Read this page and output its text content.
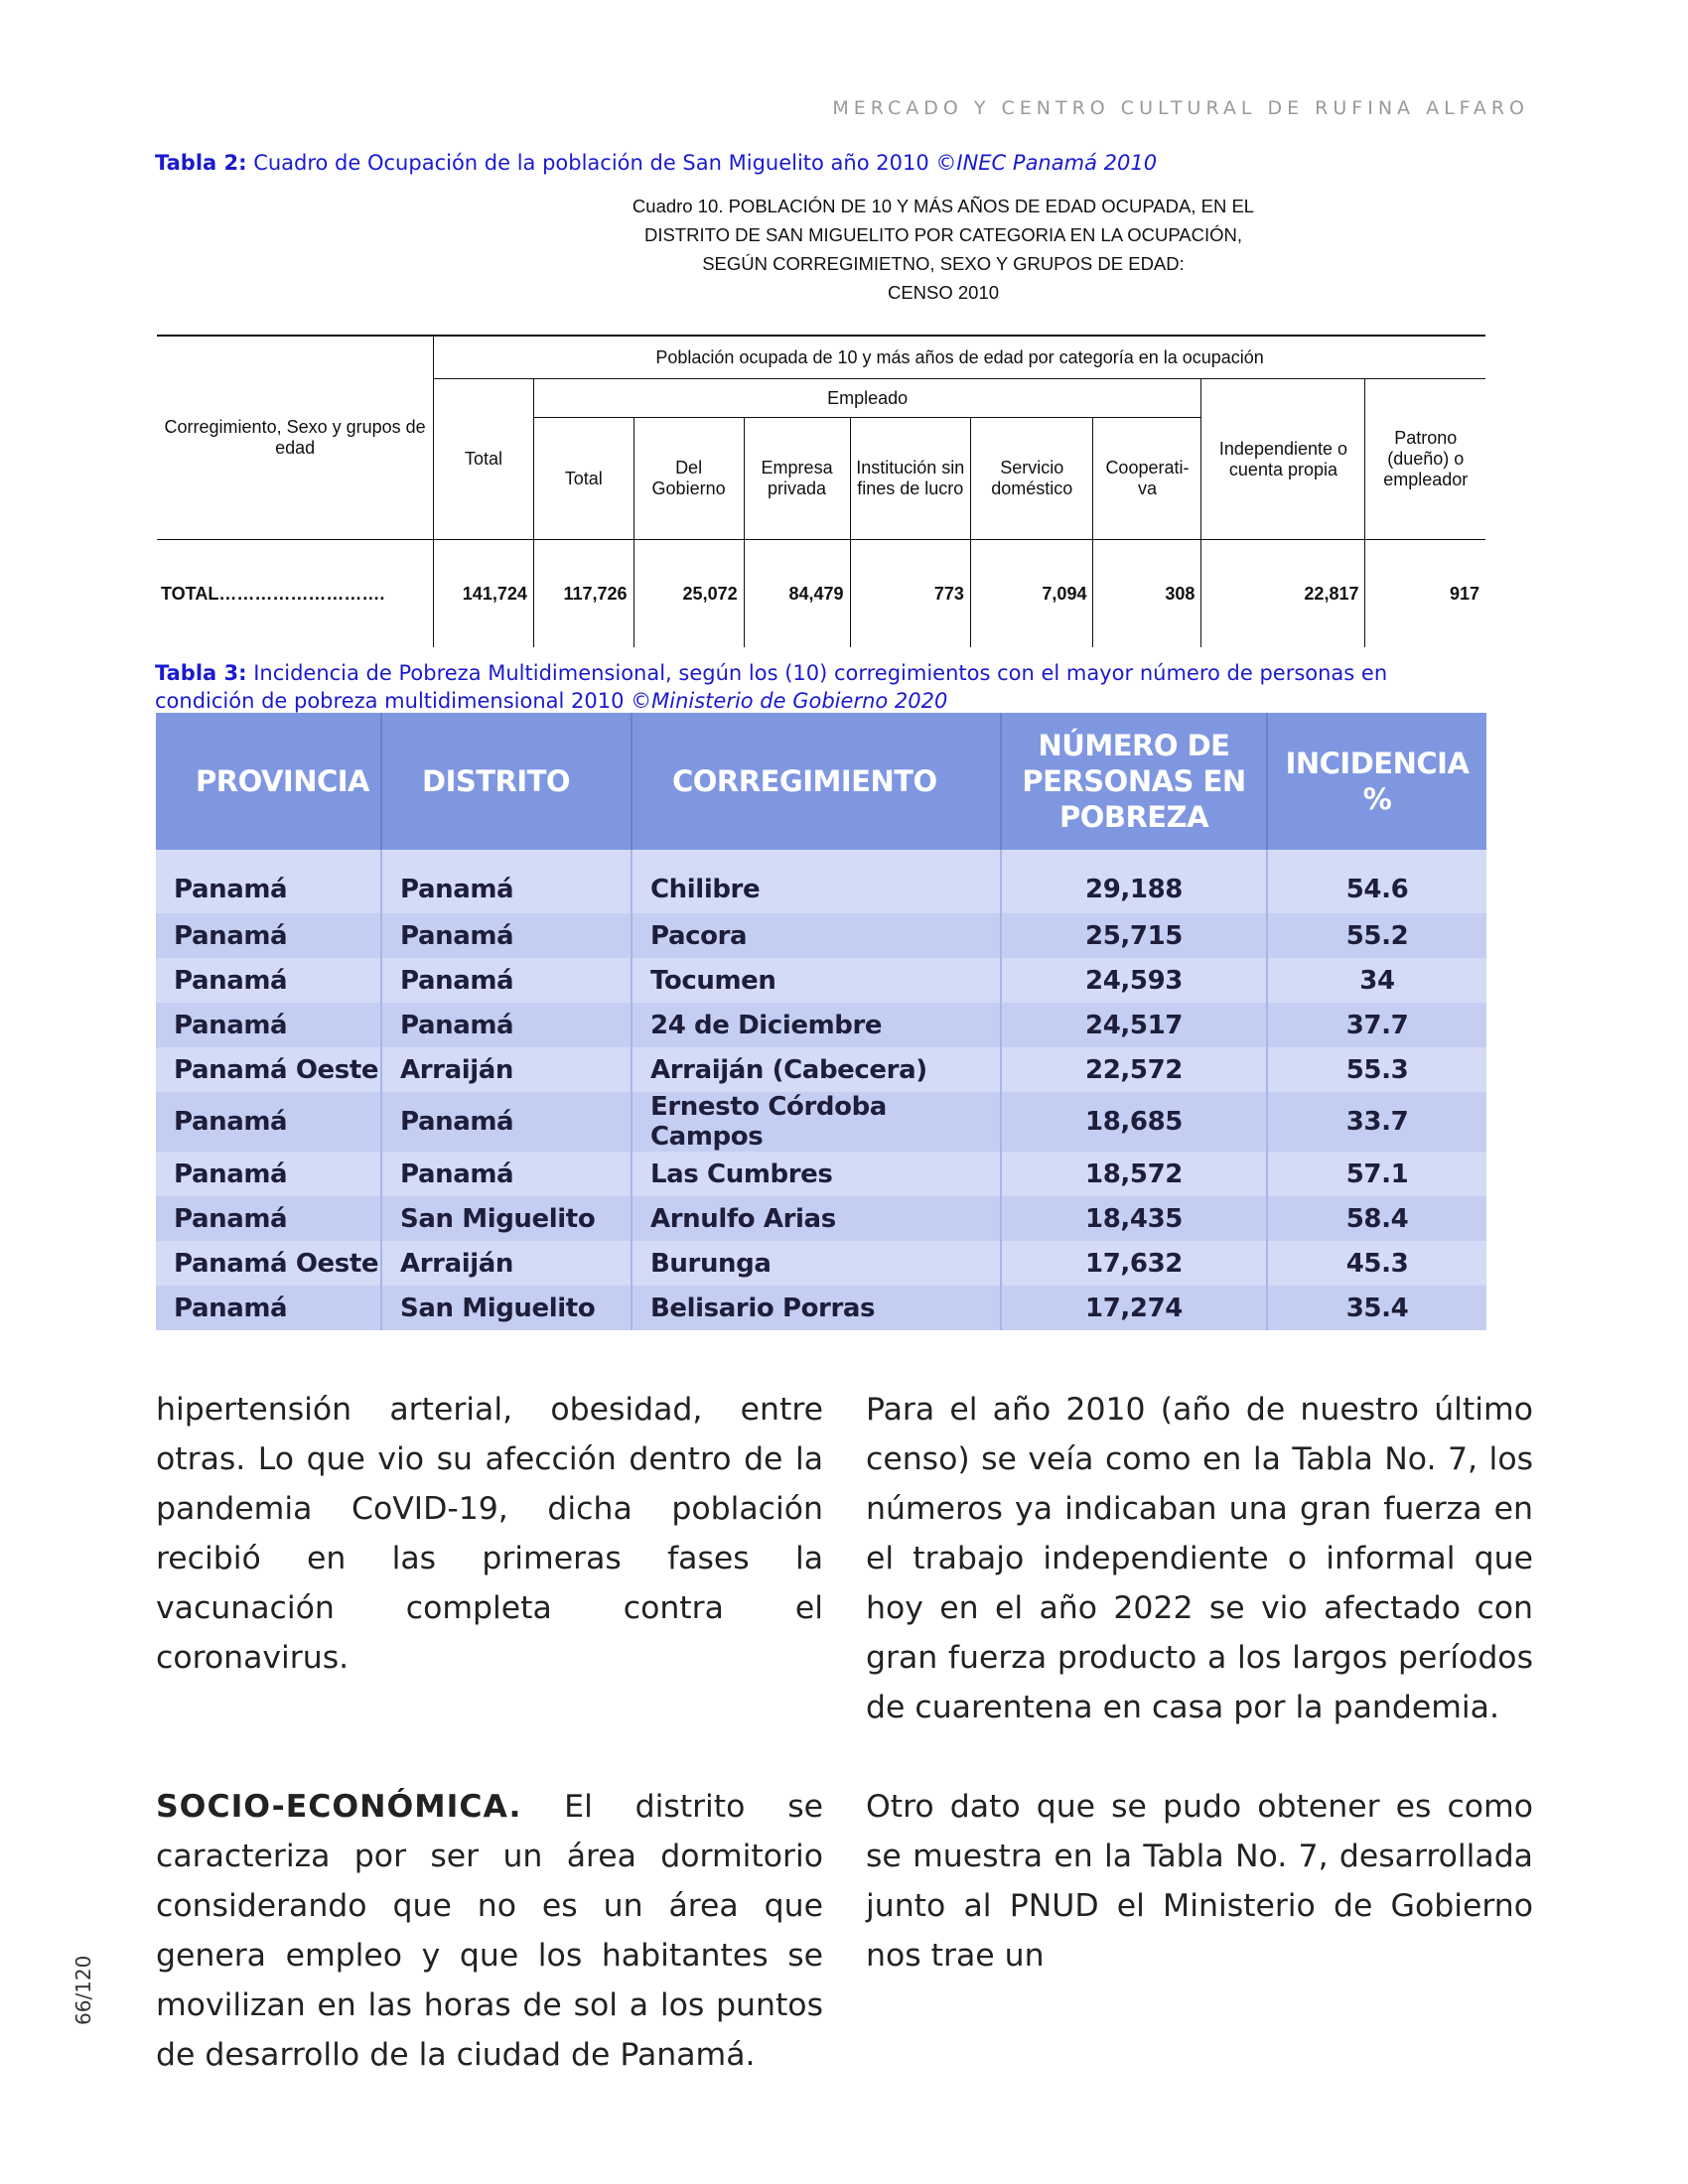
MERCADO Y CENTRO CULTURAL DE RUFINA ALFARO
Tabla 2: Cuadro de Ocupación de la población de San Miguelito año 2010 ©INEC Panamá 2010
Cuadro 10. POBLACIÓN DE 10 Y MÁS AÑOS DE EDAD OCUPADA, EN EL
DISTRITO DE SAN MIGUELITO POR CATEGORIA EN LA OCUPACIÓN,
SEGÚN CORREGIMIETNO, SEXO Y GRUPOS DE EDAD:
CENSO 2010
Corregimiento, Sexo y grupos de edad	Población ocupada de 10 y más años de edad por categoría en la ocupación								
	Total	Empleado						Independiente o cuenta propia	Patrono (dueño) o empleador
		Total	Del Gobierno	Empresa privada	Institución sin fines de lucro	Servicio doméstico	Cooperati-va		
TOTAL……………………….	141,724	117,726	25,072	84,479	773	7,094	308	22,817	917
Tabla 3: Incidencia de Pobreza Multidimensional, según los (10) corregimientos con el mayor número de personas en condición de pobreza multidimensional 2010 ©Ministerio de Gobierno 2020
PROVINCIA	DISTRITO	CORREGIMIENTO	NÚMERO DE PERSONAS EN POBREZA	INCIDENCIA %
Panamá	Panamá	Chilibre	29,188	54.6
Panamá	Panamá	Pacora	25,715	55.2
Panamá	Panamá	Tocumen	24,593	34
Panamá	Panamá	24 de Diciembre	24,517	37.7
Panamá Oeste	Arraiján	Arraiján (Cabecera)	22,572	55.3
Panamá	Panamá	Ernesto Córdoba Campos	18,685	33.7
Panamá	Panamá	Las Cumbres	18,572	57.1
Panamá	San Miguelito	Arnulfo Arias	18,435	58.4
Panamá Oeste	Arraiján	Burunga	17,632	45.3
Panamá	San Miguelito	Belisario Porras	17,274	35.4

hipertensión arterial, obesidad, entre otras. Lo que vio su afección dentro de la pandemia CoVID-19, dicha población recibió en las primeras fases la vacunación completa contra el coronavirus.

SOCIO-ECONÓMICA. El distrito se caracteriza por ser un área dormitorio considerando que no es un área que genera empleo y que los habitantes se movilizan en las horas de sol a los puntos de desarrollo de la ciudad de Panamá.

Para el año 2010 (año de nuestro último censo) se veía como en la Tabla No. 7, los números ya indicaban una gran fuerza en el trabajo independiente o informal que hoy en el año 2022 se vio afectado con gran fuerza producto a los largos períodos de cuarentena en casa por la pandemia.

Otro dato que se pudo obtener es como se muestra en la Tabla No. 7, desarrollada junto al PNUD el Ministerio de Gobierno nos trae un

66/120
